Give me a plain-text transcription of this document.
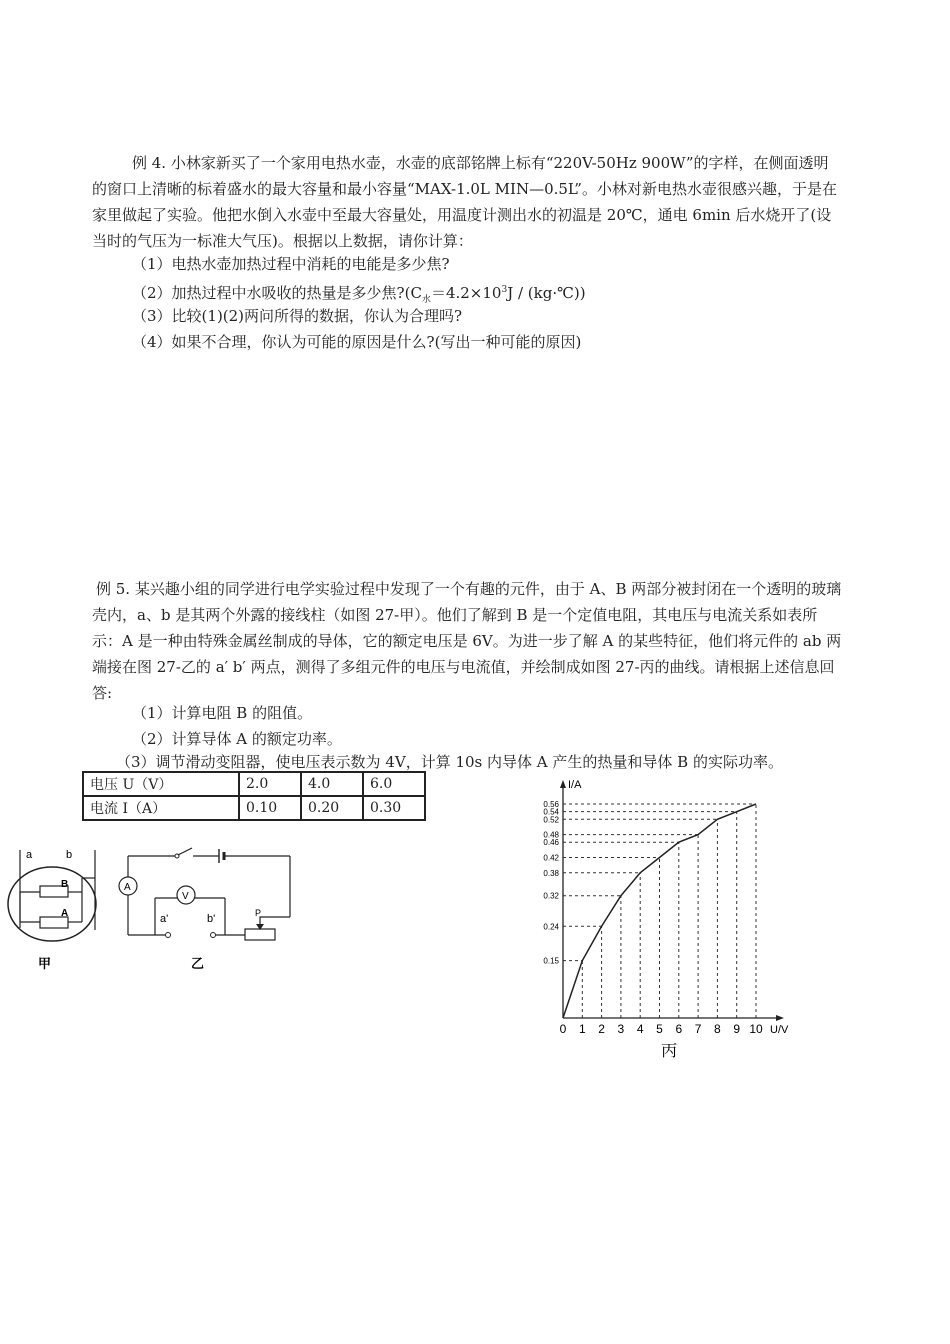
例 4. 小林家新买了一个家用电热水壶，水壶的底部铭牌上标有“220V-50Hz 900W”的字样，在侧面透明的窗口上清晰的标着盛水的最大容量和最小容量“MAX-1.0L MIN—0.5L”。小林对新电热水壶很感兴趣，于是在家里做起了实验。他把水倒入水壶中至最大容量处，用温度计测出水的初温是 20℃，通电 6min 后水烧开了(设当时的气压为一标准大气压)。根据以上数据，请你计算：

（1）电热水壶加热过程中消耗的电能是多少焦?
（2）加热过程中水吸收的热量是多少焦$?(C_水=4.2\times 10^3J$ / (kg·℃))
（3）比较(1)(2)两问所得的数据，你认为合理吗?
（4）如果不合理，你认为可能的原因是什么?(写出一种可能的原因)

例 5. 某兴趣小组的同学进行电学实验过程中发现了一个有趣的元件，由于 A、B 两部分被封闭在一个透明的玻璃壳内，a、b 是其两个外露的接线柱（如图 27-甲）。他们了解到 B 是一个定值电阻，其电压与电流关系如表所示：A 是一种由特殊金属丝制成的导体，它的额定电压是 6V。为进一步了解 A 的某些特征，他们将元件的 ab 两端接在图 27-乙的 a′ b′ 两点，测得了多组元件的电压与电流值，并绘制成如图 27-丙的曲线。请根据上述信息回答:

（1）计算电阻 B 的阻值。
（2）计算导体 A 的额定功率。
（3）调节滑动变阻器，使电压表示数为 4V，计算 10s 内导体 A 产生的热量和导体 B 的实际功率。
电压 U（V）	2.0	4.0	6.0
电流 I（A）	0.10	0.20	0.30
a	b
B
A
甲
A
P
V
a'	b'
乙
0 1 2 3 4 5 6 7 8 9 10
0.15
0.24
0.32
0.38
0.42
0.46
0.48
0.52
0.54
0.56
U/V
I/A
丙
